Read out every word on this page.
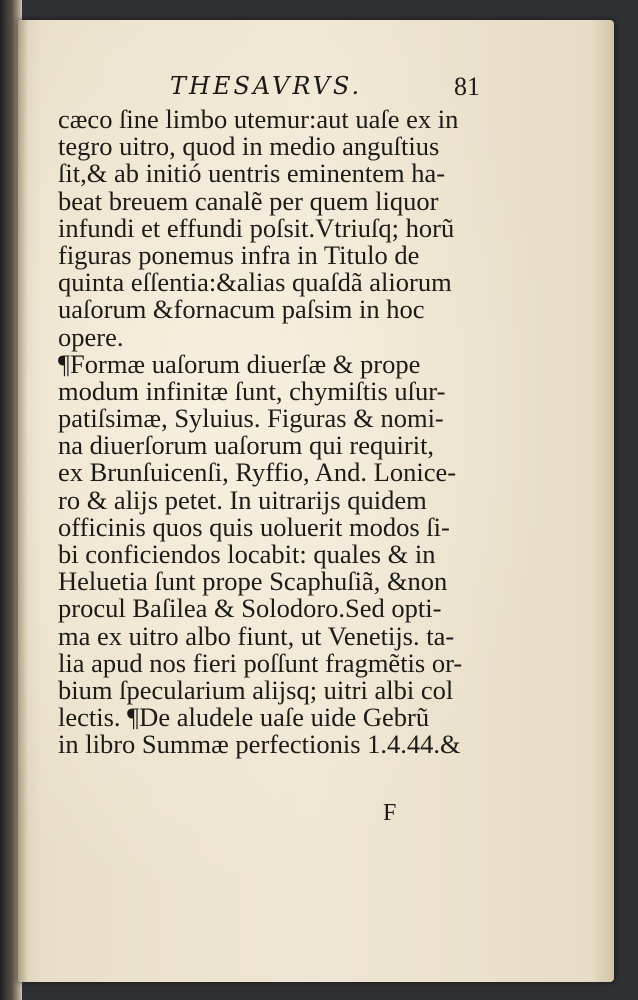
THESAVRVS.	81
cæco ſine limbo utemur:aut uaſe ex in
tegro uitro, quod in medio anguſtius
ſit,& ab initió uentris eminentem ha-
beat breuem canalẽ per quem liquor
infundi et effundi poſsit.Vtriuſq; horũ
figuras ponemus infra in Titulo de
quinta eſſentia:&alias quaſdã aliorum
uaſorum &fornacum paſsim in hoc
opere.
¶Formæ uaſorum diuerſæ & prope
modum infinitæ ſunt, chymiſtis uſur-
patiſsimæ, Syluius. Figuras & nomi-
na diuerſorum uaſorum qui requirit,
ex Brunſuicenſi, Ryffio, And. Lonice-
ro & alijs petet. In uitrarijs quidem
officinis quos quis uoluerit modos ſi-
bi conficiendos locabit: quales & in
Heluetia ſunt prope Scaphuſiã, &non
procul Baſilea & Solodoro.Sed opti-
ma ex uitro albo fiunt, ut Venetijs. ta-
lia apud nos fieri poſſunt fragmẽtis or-
bium ſpecularium alijsq; uitri albi col
lectis. ¶De aludele uaſe uide Gebrũ
in libro Summæ perfectionis 1.4.44.&
F
